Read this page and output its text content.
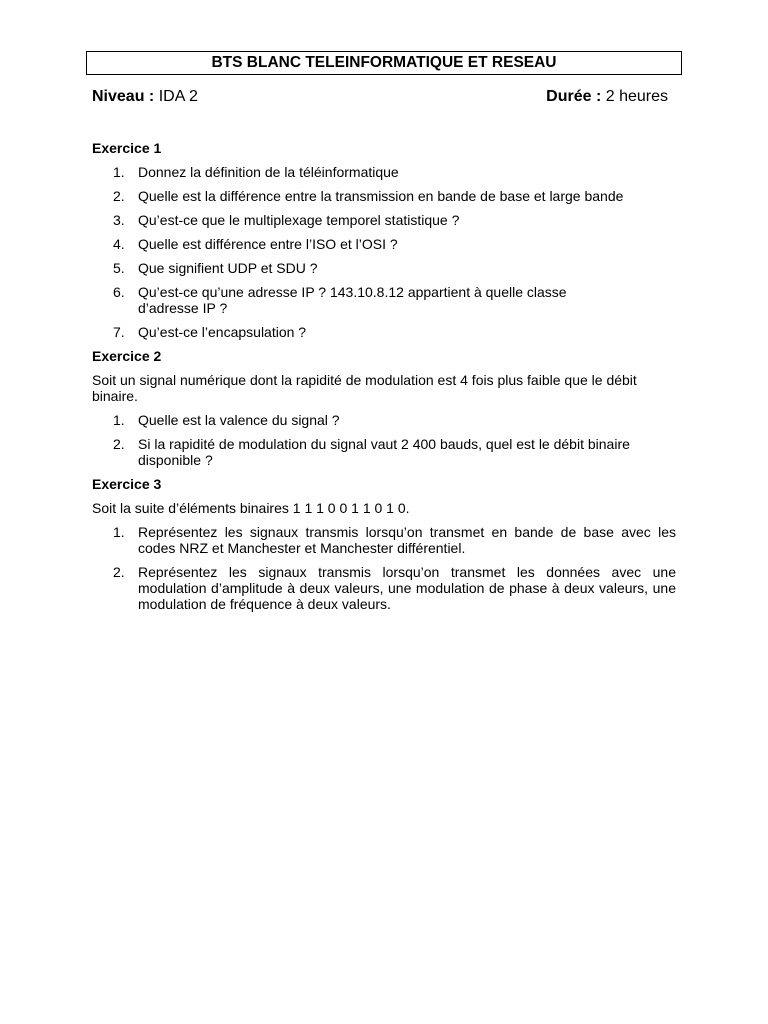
BTS BLANC TELEINFORMATIQUE ET RESEAU
Niveau : IDA 2	Durée : 2 heures
Exercice 1
1. Donnez la définition de la téléinformatique
2. Quelle est la différence entre la transmission en bande de base et large bande
3. Qu’est-ce que le multiplexage temporel statistique ?
4. Quelle est différence entre l’ISO et l’OSI ?
5. Que signifient UDP et SDU ?
6. Qu’est-ce qu’une adresse IP ? 143.10.8.12 appartient à quelle classe d’adresse IP ?
7. Qu’est-ce l’encapsulation ?
Exercice 2
Soit un signal numérique dont la rapidité de modulation est 4 fois plus faible que le débit binaire.
1. Quelle est la valence du signal ?
2. Si la rapidité de modulation du signal vaut 2 400 bauds, quel est le débit binaire disponible ?
Exercice 3
Soit la suite d’éléments binaires 1 1 1 0 0 1 1 0 1 0.
1. Représentez les signaux transmis lorsqu’on transmet en bande de base avec les codes NRZ et Manchester et Manchester différentiel.
2. Représentez les signaux transmis lorsqu’on transmet les données avec une modulation d’amplitude à deux valeurs, une modulation de phase à deux valeurs, une modulation de fréquence à deux valeurs.
